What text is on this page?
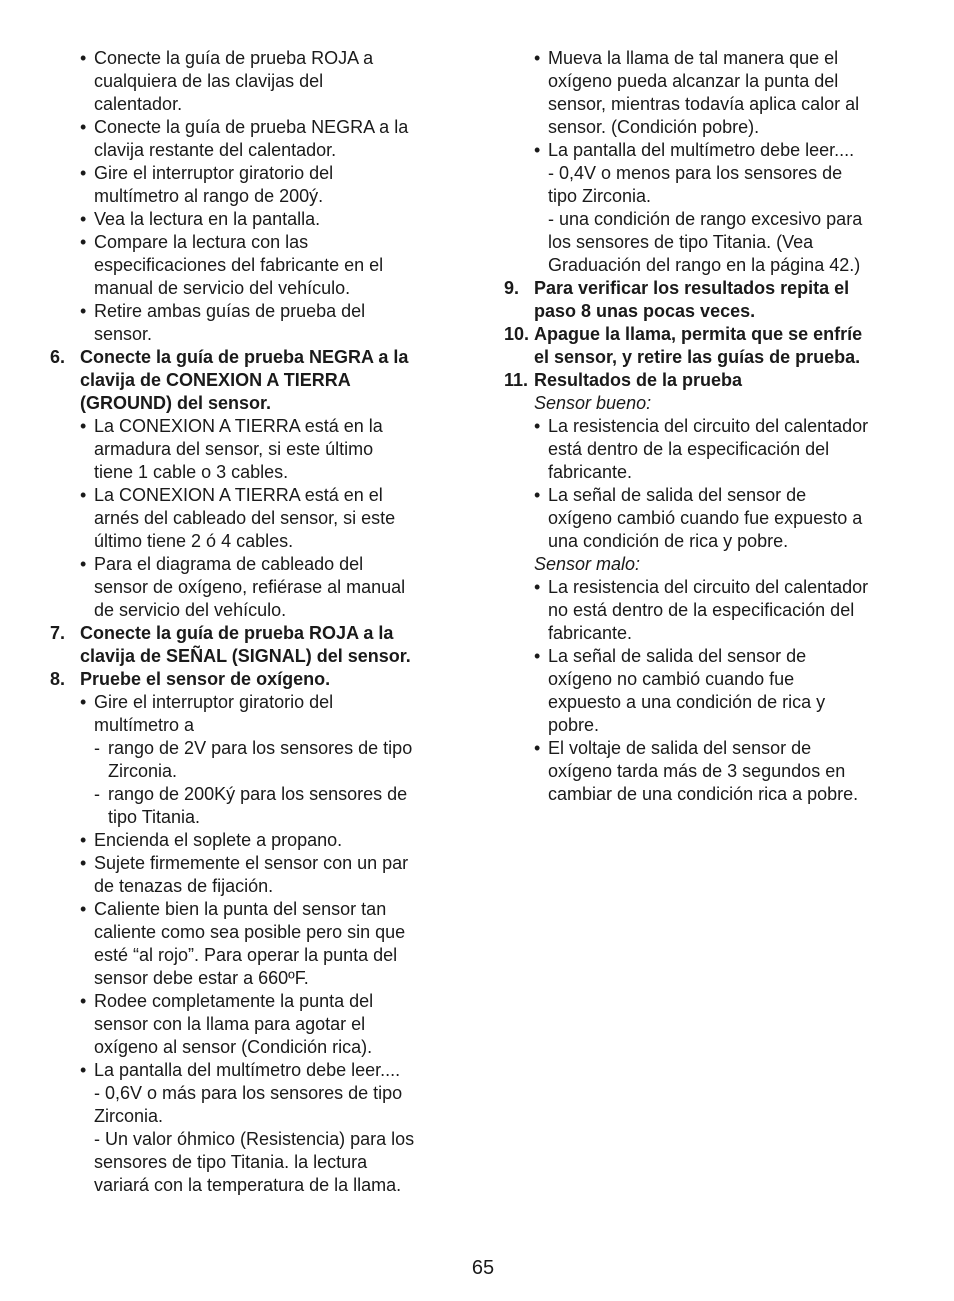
• Conecte la guía de prueba ROJA a
cualquiera de las clavijas del
calentador.
• Conecte la guía de prueba NEGRA a la
clavija restante del calentador.
• Gire el interruptor giratorio del
multímetro al rango de 200ý.
• Vea la lectura en la pantalla.
• Compare la lectura con las
especificaciones del fabricante en el
manual de servicio del vehículo.
• Retire ambas guías de prueba del
sensor.
6. Conecte la guía de prueba NEGRA a la
clavija de CONEXION A TIERRA
(GROUND) del sensor.
• La CONEXION A TIERRA está en la
armadura del sensor, si este último
tiene 1 cable o 3 cables.
• La CONEXION A TIERRA está en el
arnés del cableado del sensor, si este
último tiene 2 ó 4 cables.
• Para el diagrama de cableado del
sensor de oxígeno, refiérase al manual
de servicio del vehículo.
7. Conecte la guía de prueba ROJA a la
clavija de SEÑAL (SIGNAL) del sensor.
8. Pruebe el sensor de oxígeno.
• Gire el interruptor giratorio del
multímetro a
- rango de 2V para los sensores de tipo
Zirconia.
- rango de 200Ký para los sensores de
tipo Titania.
• Encienda el soplete a propano.
• Sujete firmemente el sensor con un par
de tenazas de fijación.
• Caliente bien la punta del sensor tan
caliente como sea posible pero sin que
esté “al rojo”. Para operar la punta del
sensor debe estar a 660ºF.
• Rodee completamente la punta del
sensor con la llama para agotar el
oxígeno al sensor (Condición rica).
• La pantalla del multímetro debe leer....
- 0,6V o más para los sensores de tipo
Zirconia.
- Un valor óhmico (Resistencia) para los
sensores de tipo Titania. la lectura
variará con la temperatura de la llama.
• Mueva la llama de tal manera que el
oxígeno pueda alcanzar la punta del
sensor, mientras todavía aplica calor al
sensor. (Condición pobre).
• La pantalla del multímetro debe leer....
- 0,4V o menos para los sensores de
tipo Zirconia.
- una condición de rango excesivo para
los sensores de tipo Titania. (Vea
Graduación del rango en la página 42.)
9. Para verificar los resultados repita el
paso 8 unas pocas veces.
10. Apague la llama, permita que se enfríe
el sensor, y retire las guías de prueba.
11. Resultados de la prueba
Sensor bueno:
• La resistencia del circuito del calentador
está dentro de la especificación del
fabricante.
• La señal de salida del sensor de
oxígeno cambió cuando fue expuesto a
una condición de rica y pobre.
Sensor malo:
• La resistencia del circuito del calentador
no está dentro de la especificación del
fabricante.
• La señal de salida del sensor de
oxígeno no cambió cuando fue
expuesto a una condición de rica y
pobre.
• El voltaje de salida del sensor de
oxígeno tarda más de 3 segundos en
cambiar de una condición rica a pobre.
65
